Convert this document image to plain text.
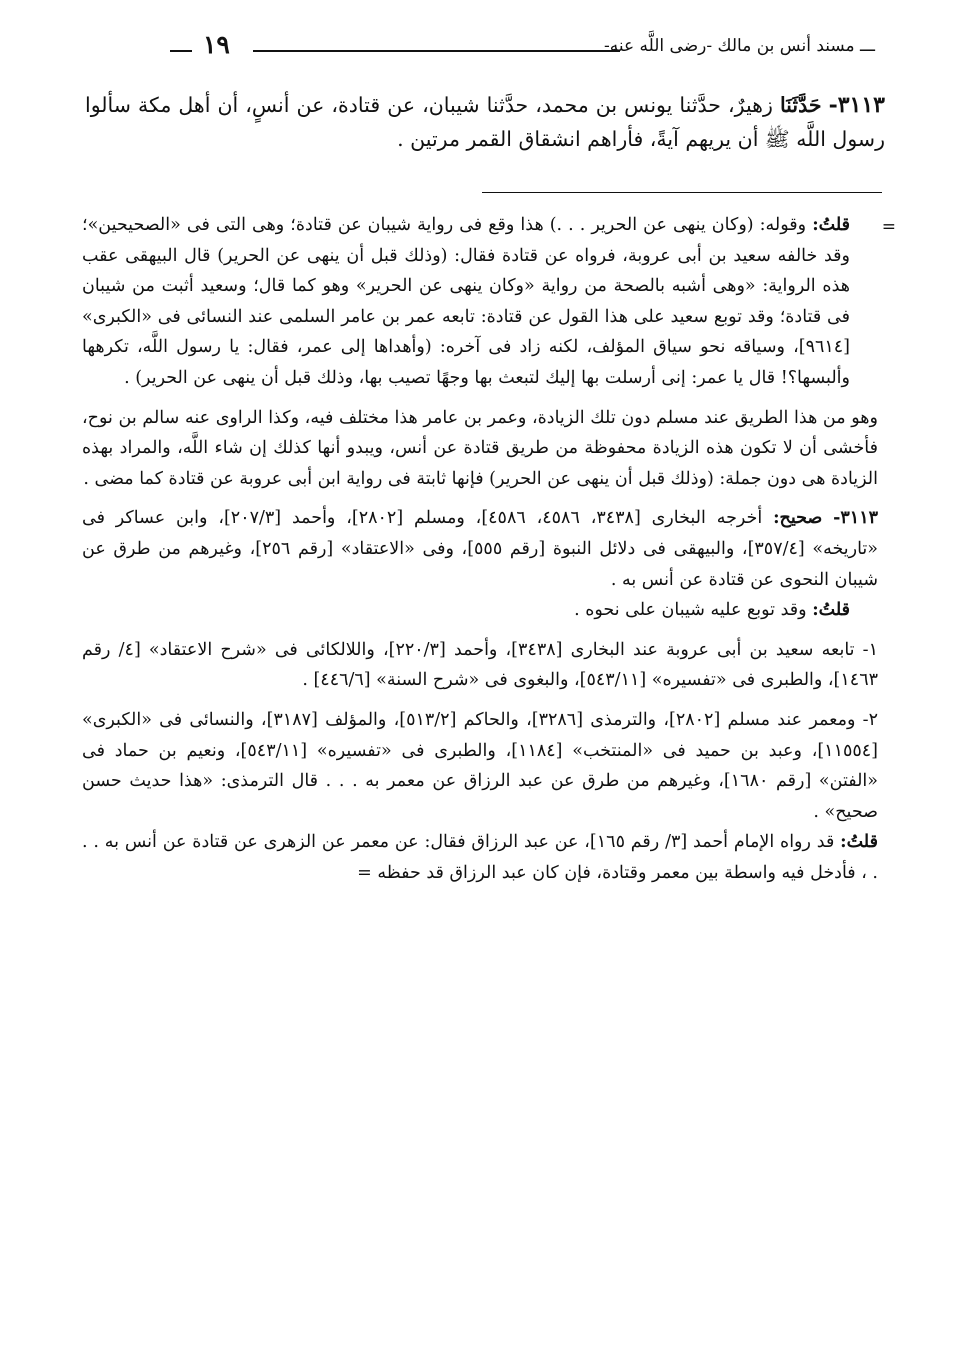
ـــ مسند أنس بن مالك -رضى اللَّه عنه-
١٩
٣١١٣- حَدَّثَنَا زهيرٌ، حدَّثنا يونس بن محمد، حدَّثنا شيبان، عن قتادة، عن أنسٍ، أن أهل مكة سألوا رسول اللَّه ﷺ أن يريهم آيةً، فأراهم انشقاق القمر مرتين .
=

قلتُ: وقوله: (وكان ينهى عن الحرير . . .) هذا وقع فى رواية شيبان عن قتادة؛ وهى التى فى «الصحيحين»؛ وقد خالفه سعيد بن أبى عروبة، فرواه عن قتادة فقال: (وذلك قبل أن ينهى عن الحرير) قال البيهقى عقب هذه الرواية: «وهى أشبه بالصحة من رواية «وكان ينهى عن الحرير» وهو كما قال؛ وسعيد أثبت من شيبان فى قتادة؛ وقد توبع سعيد على هذا القول عن قتادة: تابعه عمر بن عامر السلمى عند النسائى فى «الكبرى» [٩٦١٤]، وسياقه نحو سياق المؤلف، لكنه زاد فى آخره: (وأهداها إلى عمر، فقال: يا رسول اللَّه، تكرهها وألبسها؟! قال يا عمر: إنى أرسلت بها إليك لتبعث بها وجهًا تصيب بها، وذلك قبل أن ينهى عن الحرير) .

وهو من هذا الطريق عند مسلم دون تلك الزيادة، وعمر بن عامر هذا مختلف فيه، وكذا الراوى عنه سالم بن نوح، فأخشى أن لا تكون هذه الزيادة محفوظة من طريق قتادة عن أنس، ويبدو أنها كذلك إن شاء اللَّه، والمراد بهذه الزيادة هى دون جملة: (وذلك قبل أن ينهى عن الحرير) فإنها ثابتة فى رواية ابن أبى عروبة عن قتادة كما مضى .

٣١١٣- صحيح: أخرجه البخارى [٣٤٣٨، ٤٥٨٦، ٤٥٨٦]، ومسلم [٢٨٠٢]، وأحمد [٢٠٧/٣]، وابن عساكر فى «تاريخه» [٣٥٧/٤]، والبيهقى فى دلائل النبوة [رقم ٥٥٥]، وفى «الاعتقاد» [رقم ٢٥٦]، وغيرهم من طرق عن شيبان النحوى عن قتادة عن أنس به .

قلتُ: وقد توبع عليه شيبان على نحوه .

١- تابعه سعيد بن أبى عروبة عند البخارى [٣٤٣٨]، وأحمد [٢٢٠/٣]، واللالكائى فى «شرح الاعتقاد» [٤/ رقم ١٤٦٣]، والطبرى فى «تفسيره» [٥٤٣/١١]، والبغوى فى «شرح السنة» [٤٤٦/٦] .

٢- ومعمر عند مسلم [٢٨٠٢]، والترمذى [٣٢٨٦]، والحاكم [٥١٣/٢]، والمؤلف [٣١٨٧]، والنسائى فى «الكبرى» [١١٥٥٤]، وعبد بن حميد فى «المنتخب» [١١٨٤]، والطبرى فى «تفسيره» [٥٤٣/١١]، ونعيم بن حماد فى «الفتن» [رقم ١٦٨٠]، وغيرهم من طرق عن عبد الرزاق عن معمر به . . . قال الترمذى: «هذا حديث حسن صحيح» .

قلتُ: قد رواه الإمام أحمد [٣/ رقم ١٦٥]، عن عبد الرزاق فقال: عن معمر عن الزهرى عن قتادة عن أنس به . . . ، فأدخل فيه واسطة بين معمر وقتادة، فإن كان عبد الرزاق قد حفظه =
